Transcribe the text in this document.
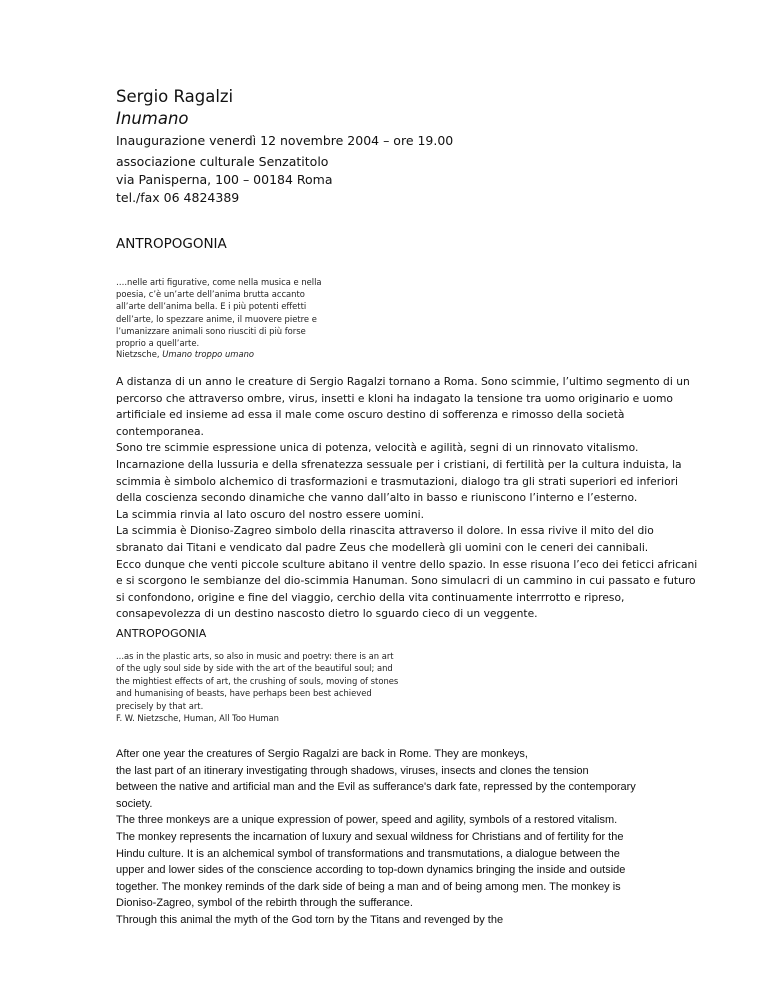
Sergio Ragalzi
Inumano
Inaugurazione venerdì 12 novembre 2004 – ore 19.00
associazione culturale Senzatitolo
via Panisperna, 100 – 00184 Roma
tel./fax 06 4824389
ANTROPOGONIA
….nelle arti figurative, come nella musica e nella
poesia, c’è un’arte dell’anima brutta accanto
all’arte dell’anima bella. E i più potenti effetti
dell’arte, lo spezzare anime, il muovere pietre e
l’umanizzare animali sono riusciti di più forse
proprio a quell’arte.
Nietzsche, Umano troppo umano
A distanza di un anno le creature di Sergio Ragalzi tornano a Roma. Sono scimmie, l’ultimo segmento di un
percorso che attraverso ombre, virus, insetti e kloni ha indagato la tensione tra uomo originario e uomo
artificiale ed insieme ad essa il male come oscuro destino di sofferenza e rimosso della società
contemporanea.
Sono tre scimmie espressione unica di potenza, velocità e agilità, segni di un rinnovato vitalismo.
Incarnazione della lussuria e della sfrenatezza sessuale per i cristiani, di fertilità per la cultura induista, la
scimmia è simbolo alchemico di trasformazioni e trasmutazioni, dialogo tra gli strati superiori ed inferiori
della coscienza secondo dinamiche che vanno dall’alto in basso e riuniscono l’interno e l’esterno.
La scimmia rinvia al lato oscuro del nostro essere uomini.
La scimmia è Dioniso-Zagreo simbolo della rinascita attraverso il dolore. In essa rivive il mito del dio
sbranato dai Titani e vendicato dal padre Zeus che modellerà gli uomini con le ceneri dei cannibali.
Ecco dunque che venti piccole sculture abitano il ventre dello spazio. In esse risuona l’eco dei feticci africani
e si scorgono le sembianze del dio-scimmia Hanuman. Sono simulacri di un cammino in cui passato e futuro
si confondono, origine e fine del viaggio, cerchio della vita continuamente interrrotto e ripreso,
consapevolezza di un destino nascosto dietro lo sguardo cieco di un veggente.
ANTROPOGONIA
...as in the plastic arts, so also in music and poetry: there is an art
of the ugly soul side by side with the art of the beautiful soul; and
the mightiest effects of art, the crushing of souls, moving of stones
and humanising of beasts, have perhaps been best achieved
precisely by that art.
F. W. Nietzsche, Human, All Too Human
After one year the creatures of Sergio Ragalzi are back in Rome. They are monkeys,
the last part of an itinerary investigating through shadows, viruses, insects and clones the tension
between the native and artificial man and the Evil as sufferance's dark fate, repressed by the contemporary
society.
The three monkeys are a unique expression of power, speed and agility, symbols of a restored vitalism.
The monkey represents the incarnation of luxury and sexual wildness for Christians and of fertility for the
Hindu culture. It is an alchemical symbol of transformations and transmutations, a dialogue between the
upper and lower sides of the conscience according to top-down dynamics bringing the inside and outside
together. The monkey reminds of the dark side of being a man and of being among men. The monkey is
Dioniso-Zagreo, symbol of the rebirth through the sufferance.
Through this animal the myth of the God torn by the Titans and revenged by the
